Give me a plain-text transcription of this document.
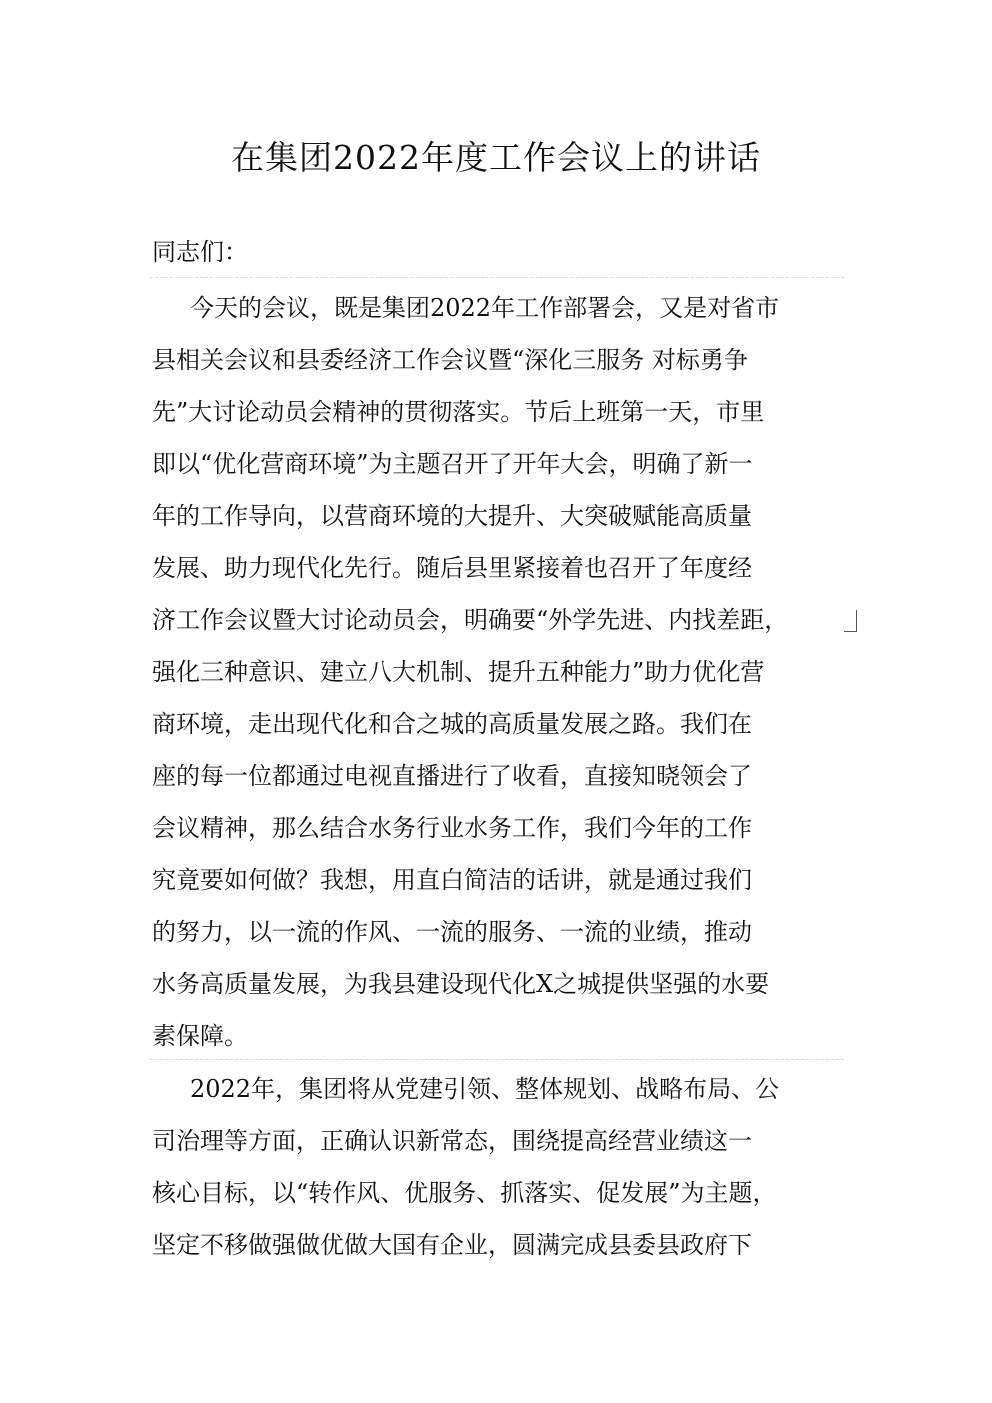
在集团2022年度工作会议上的讲话
同志们：
今天的会议，既是集团2022年工作部署会，又是对省市
县相关会议和县委经济工作会议暨“深化三服务 对标勇争
先”大讨论动员会精神的贯彻落实。节后上班第一天，市里
即以“优化营商环境”为主题召开了开年大会，明确了新一
年的工作导向，以营商环境的大提升、大突破赋能高质量
发展、助力现代化先行。随后县里紧接着也召开了年度经
济工作会议暨大讨论动员会，明确要“外学先进、内找差距，
强化三种意识、建立八大机制、提升五种能力”助力优化营
商环境，走出现代化和合之城的高质量发展之路。我们在
座的每一位都通过电视直播进行了收看，直接知晓领会了
会议精神，那么结合水务行业水务工作，我们今年的工作
究竟要如何做？我想，用直白简洁的话讲，就是通过我们
的努力，以一流的作风、一流的服务、一流的业绩，推动
水务高质量发展，为我县建设现代化X之城提供坚强的水要
素保障。
2022年，集团将从党建引领、整体规划、战略布局、公
司治理等方面，正确认识新常态，围绕提高经营业绩这一
核心目标，以“转作风、优服务、抓落实、促发展”为主题，
坚定不移做强做优做大国有企业，圆满完成县委县政府下
